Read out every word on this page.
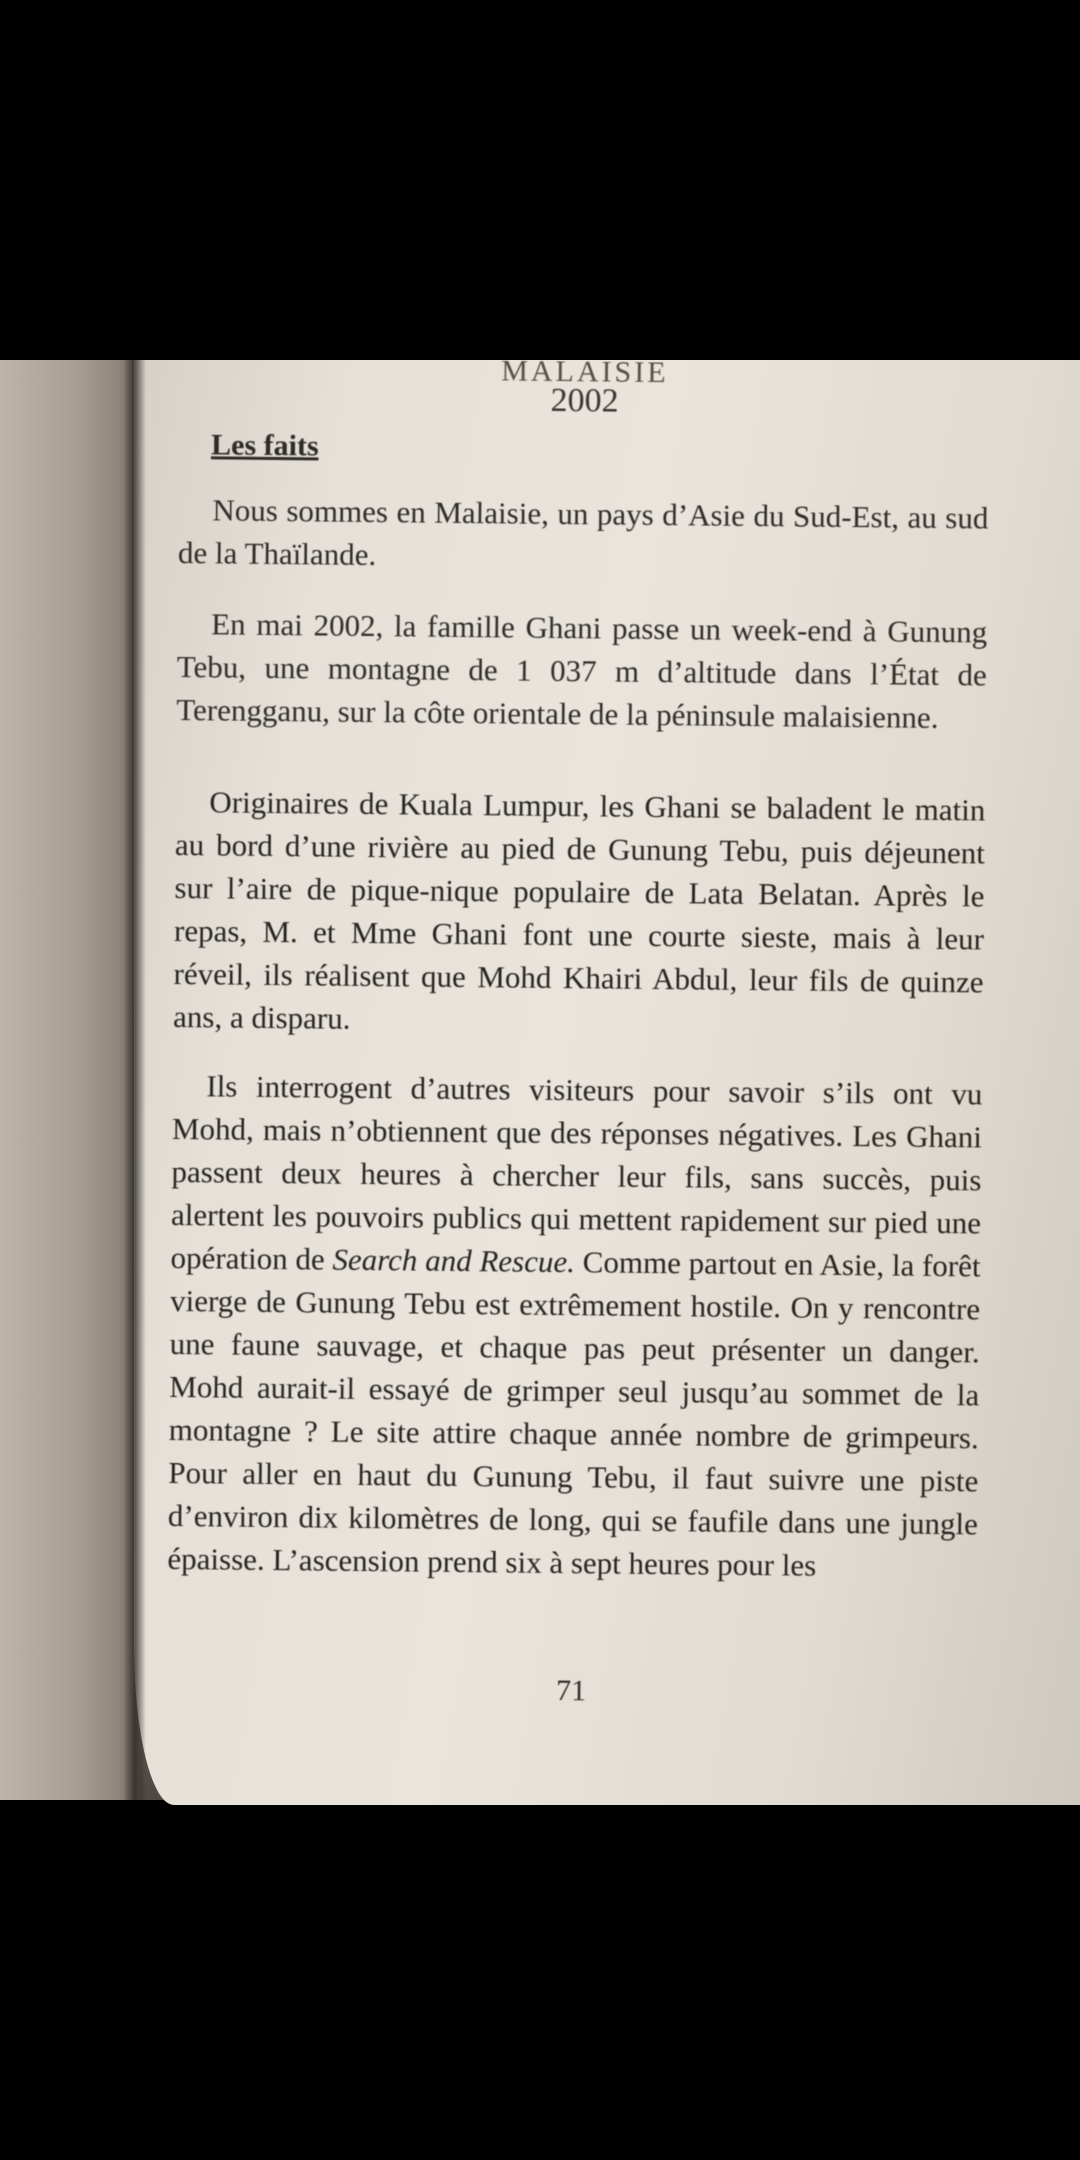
MALAISIE
2002
Les faits

Nous sommes en Malaisie, un pays d’Asie du Sud-Est, au sud de la Thaïlande.

En mai 2002, la famille Ghani passe un week-end à Gunung Tebu, une montagne de 1 037 m d’altitude dans l’État de Terengganu, sur la côte orientale de la péninsule malaisienne.

Originaires de Kuala Lumpur, les Ghani se baladent le matin au bord d’une rivière au pied de Gunung Tebu, puis déjeunent sur l’aire de pique-nique populaire de Lata Belatan. Après le repas, M. et Mme Ghani font une courte sieste, mais à leur réveil, ils réalisent que Mohd Khairi Abdul, leur fils de quinze ans, a disparu.

Ils interrogent d’autres visiteurs pour savoir s’ils ont vu Mohd, mais n’obtiennent que des réponses négatives. Les Ghani passent deux heures à chercher leur fils, sans succès, puis alertent les pouvoirs publics qui mettent rapidement sur pied une opération de Search and Rescue. Comme partout en Asie, la forêt vierge de Gunung Tebu est extrêmement hostile. On y rencontre une faune sauvage, et chaque pas peut présenter un danger. Mohd aurait-il essayé de grimper seul jusqu’au sommet de la montagne ? Le site attire chaque année nombre de grimpeurs. Pour aller en haut du Gunung Tebu, il faut suivre une piste d’environ dix kilomètres de long, qui se faufile dans une jungle épaisse. L’ascension prend six à sept heures pour les

71
